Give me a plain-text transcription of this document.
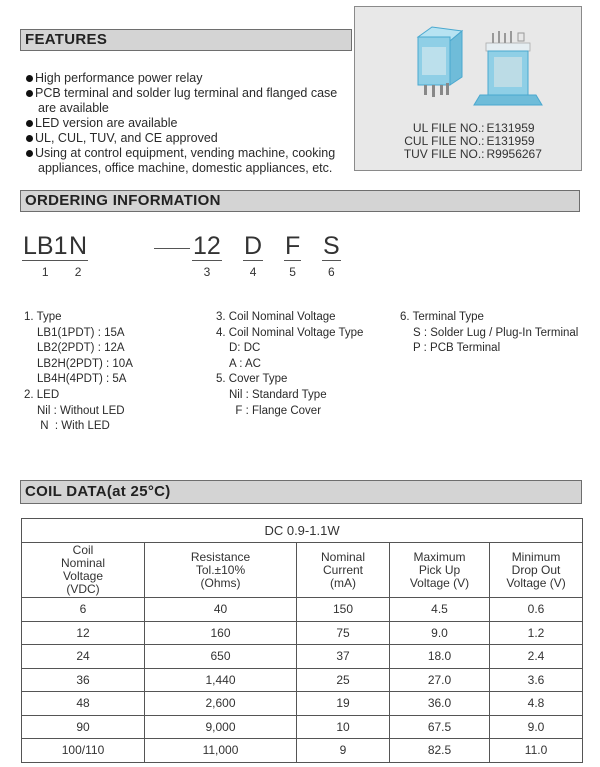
FEATURES
High performance power relay
PCB terminal and solder lug terminal and flanged case
are available
LED version are available
UL, CUL, TUV, and CE approved
Using at control equipment, vending machine, cooking
appliances, office machine, domestic appliances, etc.
UL FILE NO.: E131959
CUL FILE NO.: E131959
TUV FILE NO.: R9956267
ORDERING INFORMATION
LB1
1
N
2
12
3
D
4
F
5
S
6
1. Type
LB1(1PDT) : 15A
LB2(2PDT) : 12A
LB2H(2PDT) : 10A
LB4H(4PDT) : 5A
2. LED
Nil : Without LED
N  : With LED
3. Coil Nominal Voltage
4. Coil Nominal Voltage Type
D: DC
A : AC
5. Cover Type
Nil : Standard Type
F : Flange Cover
6. Terminal Type
S : Solder Lug / Plug-In Terminal
P : PCB Terminal
COIL DATA(at 25°C)
DC 0.9-1.1W				
Coil
Nominal
Voltage
(VDC)	Resistance
Tol.±10%
(Ohms)	Nominal
Current
(mA)	Maximum
Pick Up
Voltage (V)	Minimum
Drop Out
Voltage (V)
6	40	150	4.5	0.6
12	160	75	9.0	1.2
24	650	37	18.0	2.4
36	1,440	25	27.0	3.6
48	2,600	19	36.0	4.8
90	9,000	10	67.5	9.0
100/110	11,000	9	82.5	11.0
